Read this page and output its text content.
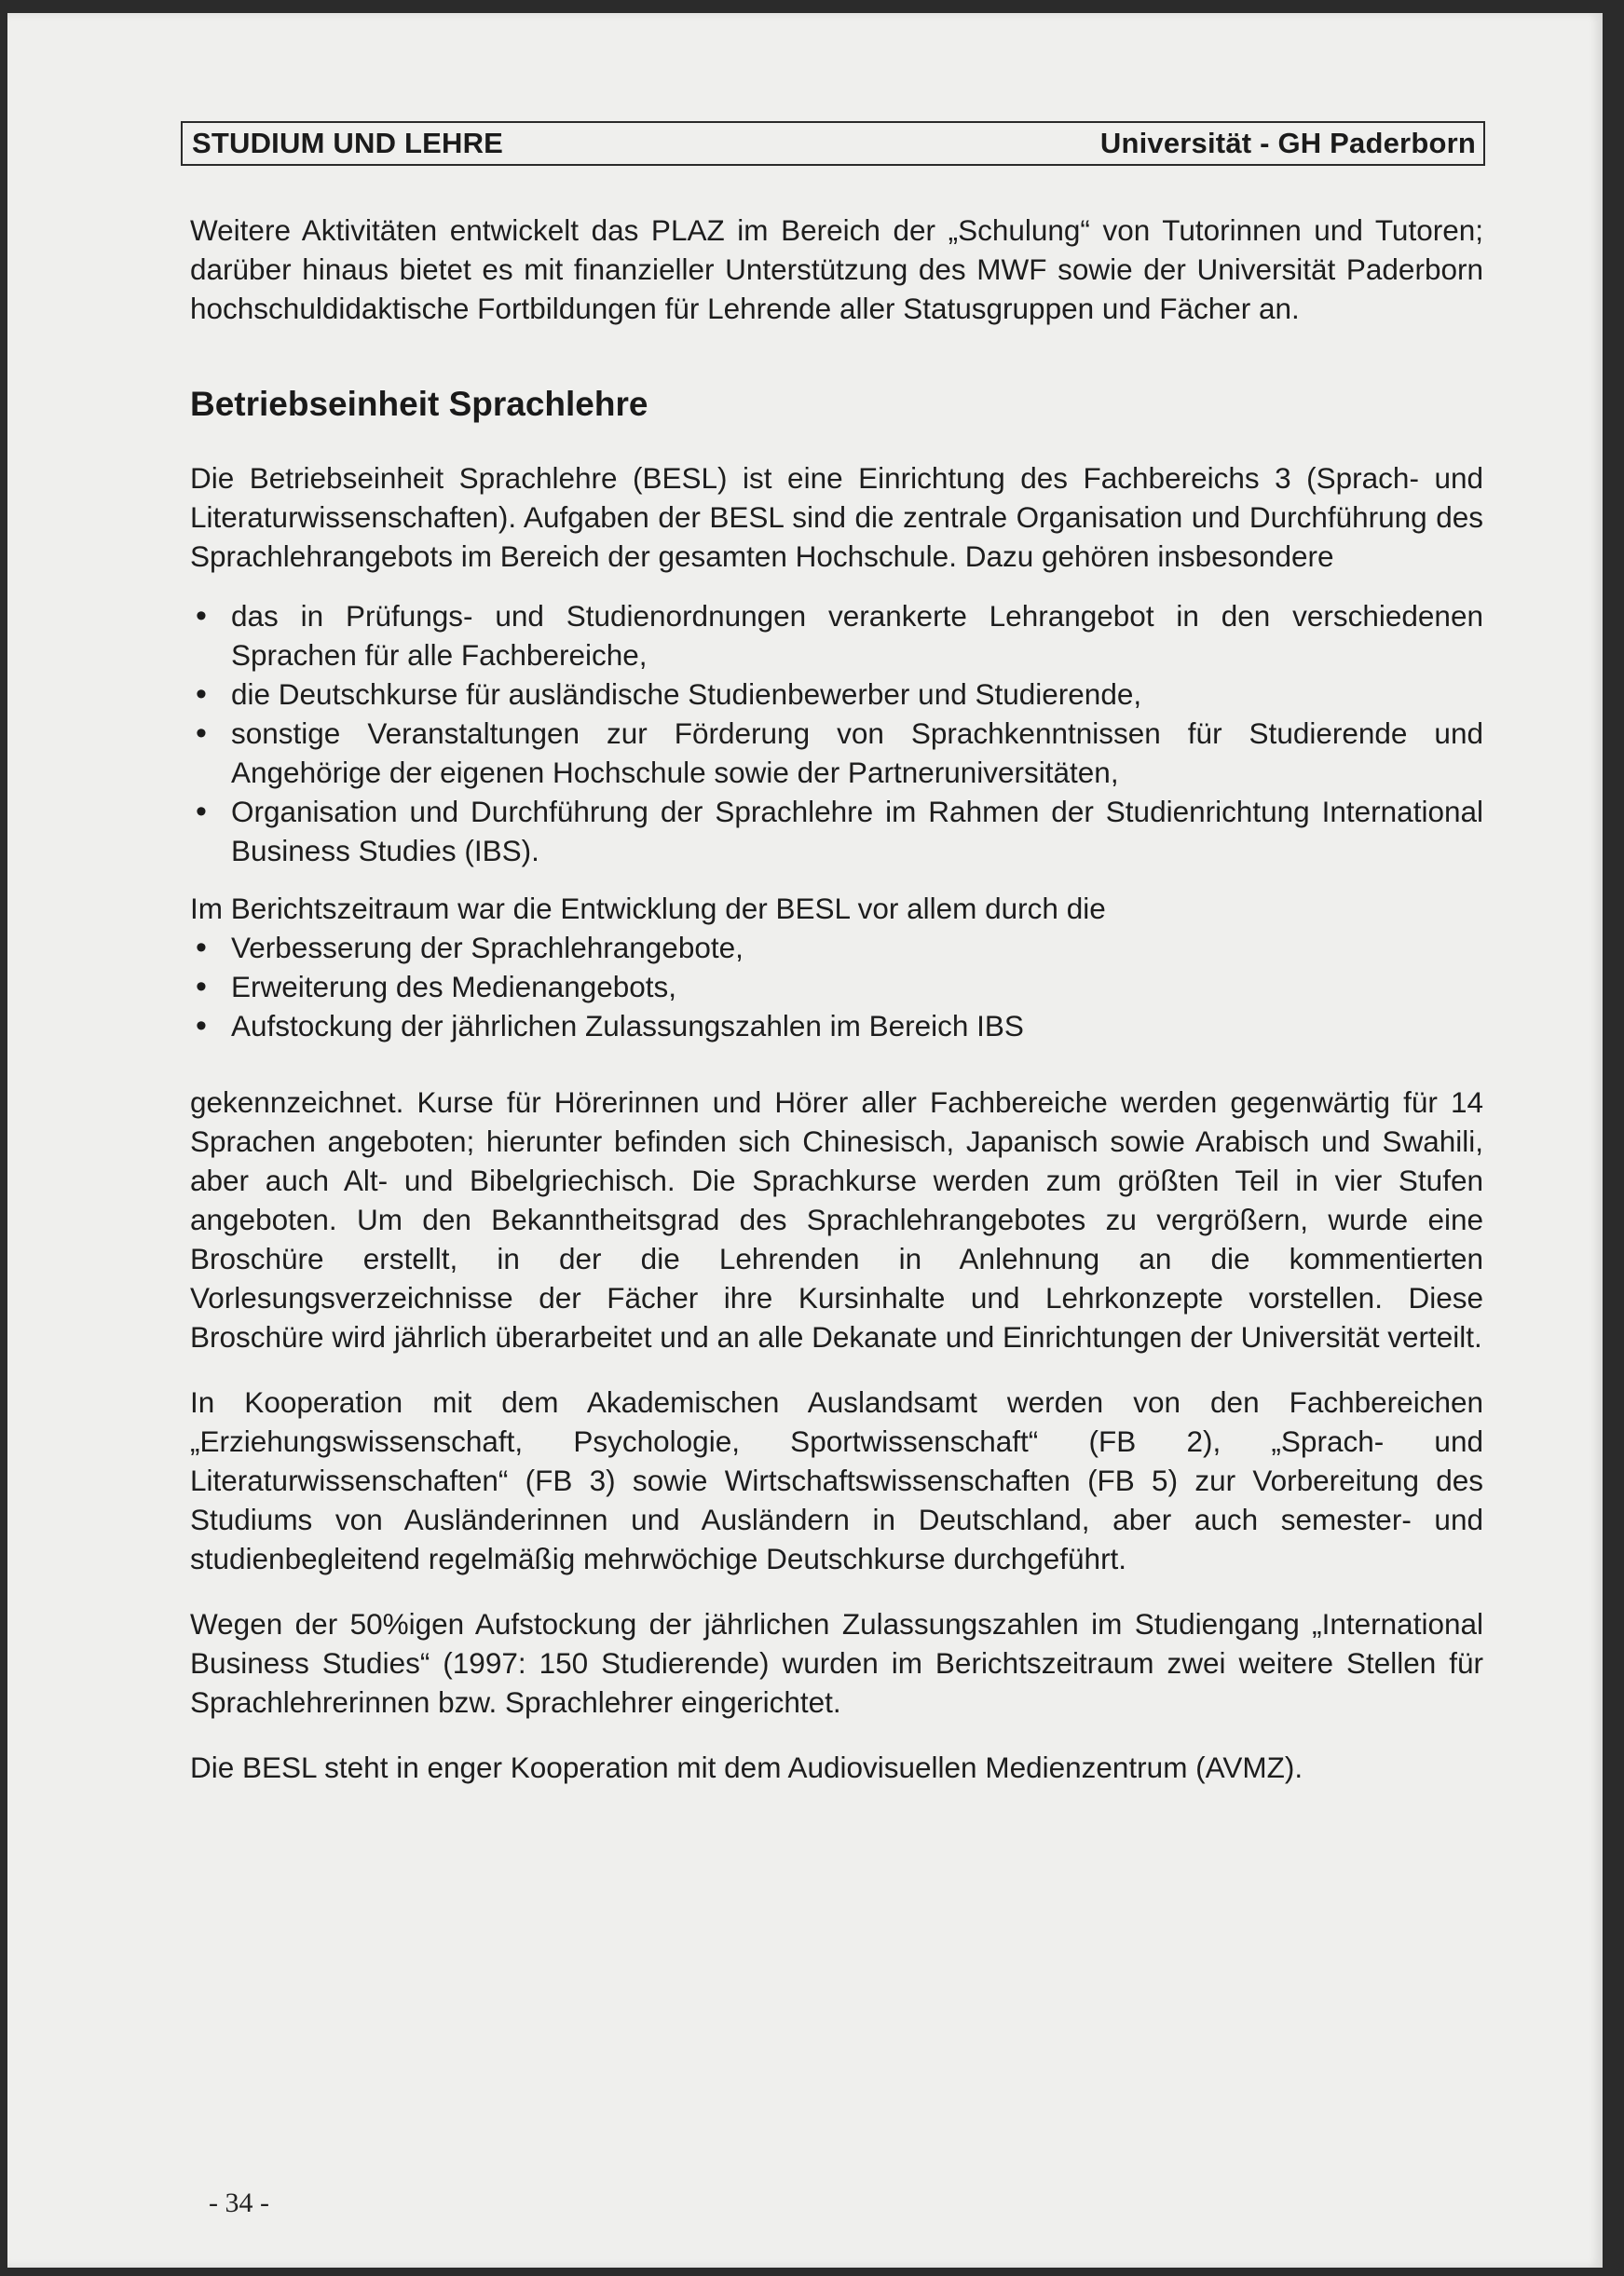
STUDIUM UND LEHRE	Universität - GH Paderborn

Weitere Aktivitäten entwickelt das PLAZ im Bereich der „Schulung“ von Tutorinnen und Tutoren; darüber hinaus bietet es mit finanzieller Unterstützung des MWF sowie der Universität Paderborn hochschuldidaktische Fortbildungen für Lehrende aller Statusgruppen und Fächer an.

Betriebseinheit Sprachlehre

Die Betriebseinheit Sprachlehre (BESL) ist eine Einrichtung des Fachbereichs 3 (Sprach- und Literaturwissenschaften). Aufgaben der BESL sind die zentrale Organisation und Durchführung des Sprachlehrangebots im Bereich der gesamten Hochschule. Dazu gehören insbesondere

• das in Prüfungs- und Studienordnungen verankerte Lehrangebot in den verschiedenen Sprachen für alle Fachbereiche,
• die Deutschkurse für ausländische Studienbewerber und Studierende,
• sonstige Veranstaltungen zur Förderung von Sprachkenntnissen für Studierende und Angehörige der eigenen Hochschule sowie der Partneruniversitäten,
• Organisation und Durchführung der Sprachlehre im Rahmen der Studienrichtung International Business Studies (IBS).

Im Berichtszeitraum war die Entwicklung der BESL vor allem durch die

• Verbesserung der Sprachlehrangebote,
• Erweiterung des Medienangebots,
• Aufstockung der jährlichen Zulassungszahlen im Bereich IBS

gekennzeichnet. Kurse für Hörerinnen und Hörer aller Fachbereiche werden gegenwärtig für 14 Sprachen angeboten; hierunter befinden sich Chinesisch, Japanisch sowie Arabisch und Swahili, aber auch Alt- und Bibelgriechisch. Die Sprachkurse werden zum größten Teil in vier Stufen angeboten. Um den Bekanntheitsgrad des Sprachlehrangebotes zu vergrößern, wurde eine Broschüre erstellt, in der die Lehrenden in Anlehnung an die kommentierten Vorlesungsverzeichnisse der Fächer ihre Kursinhalte und Lehrkonzepte vorstellen. Diese Broschüre wird jährlich überarbeitet und an alle Dekanate und Einrichtungen der Universität verteilt.

In Kooperation mit dem Akademischen Auslandsamt werden von den Fachbereichen „Erziehungswissenschaft, Psychologie, Sportwissenschaft“ (FB 2), „Sprach- und Literaturwissenschaften“ (FB 3) sowie Wirtschaftswissenschaften (FB 5) zur Vorbereitung des Studiums von Ausländerinnen und Ausländern in Deutschland, aber auch semester- und studienbegleitend regelmäßig mehrwöchige Deutschkurse durchgeführt.

Wegen der 50%igen Aufstockung der jährlichen Zulassungszahlen im Studiengang „International Business Studies“ (1997: 150 Studierende) wurden im Berichtszeitraum zwei weitere Stellen für Sprachlehrerinnen bzw. Sprachlehrer eingerichtet.

Die BESL steht in enger Kooperation mit dem Audiovisuellen Medienzentrum (AVMZ).

- 34 -
